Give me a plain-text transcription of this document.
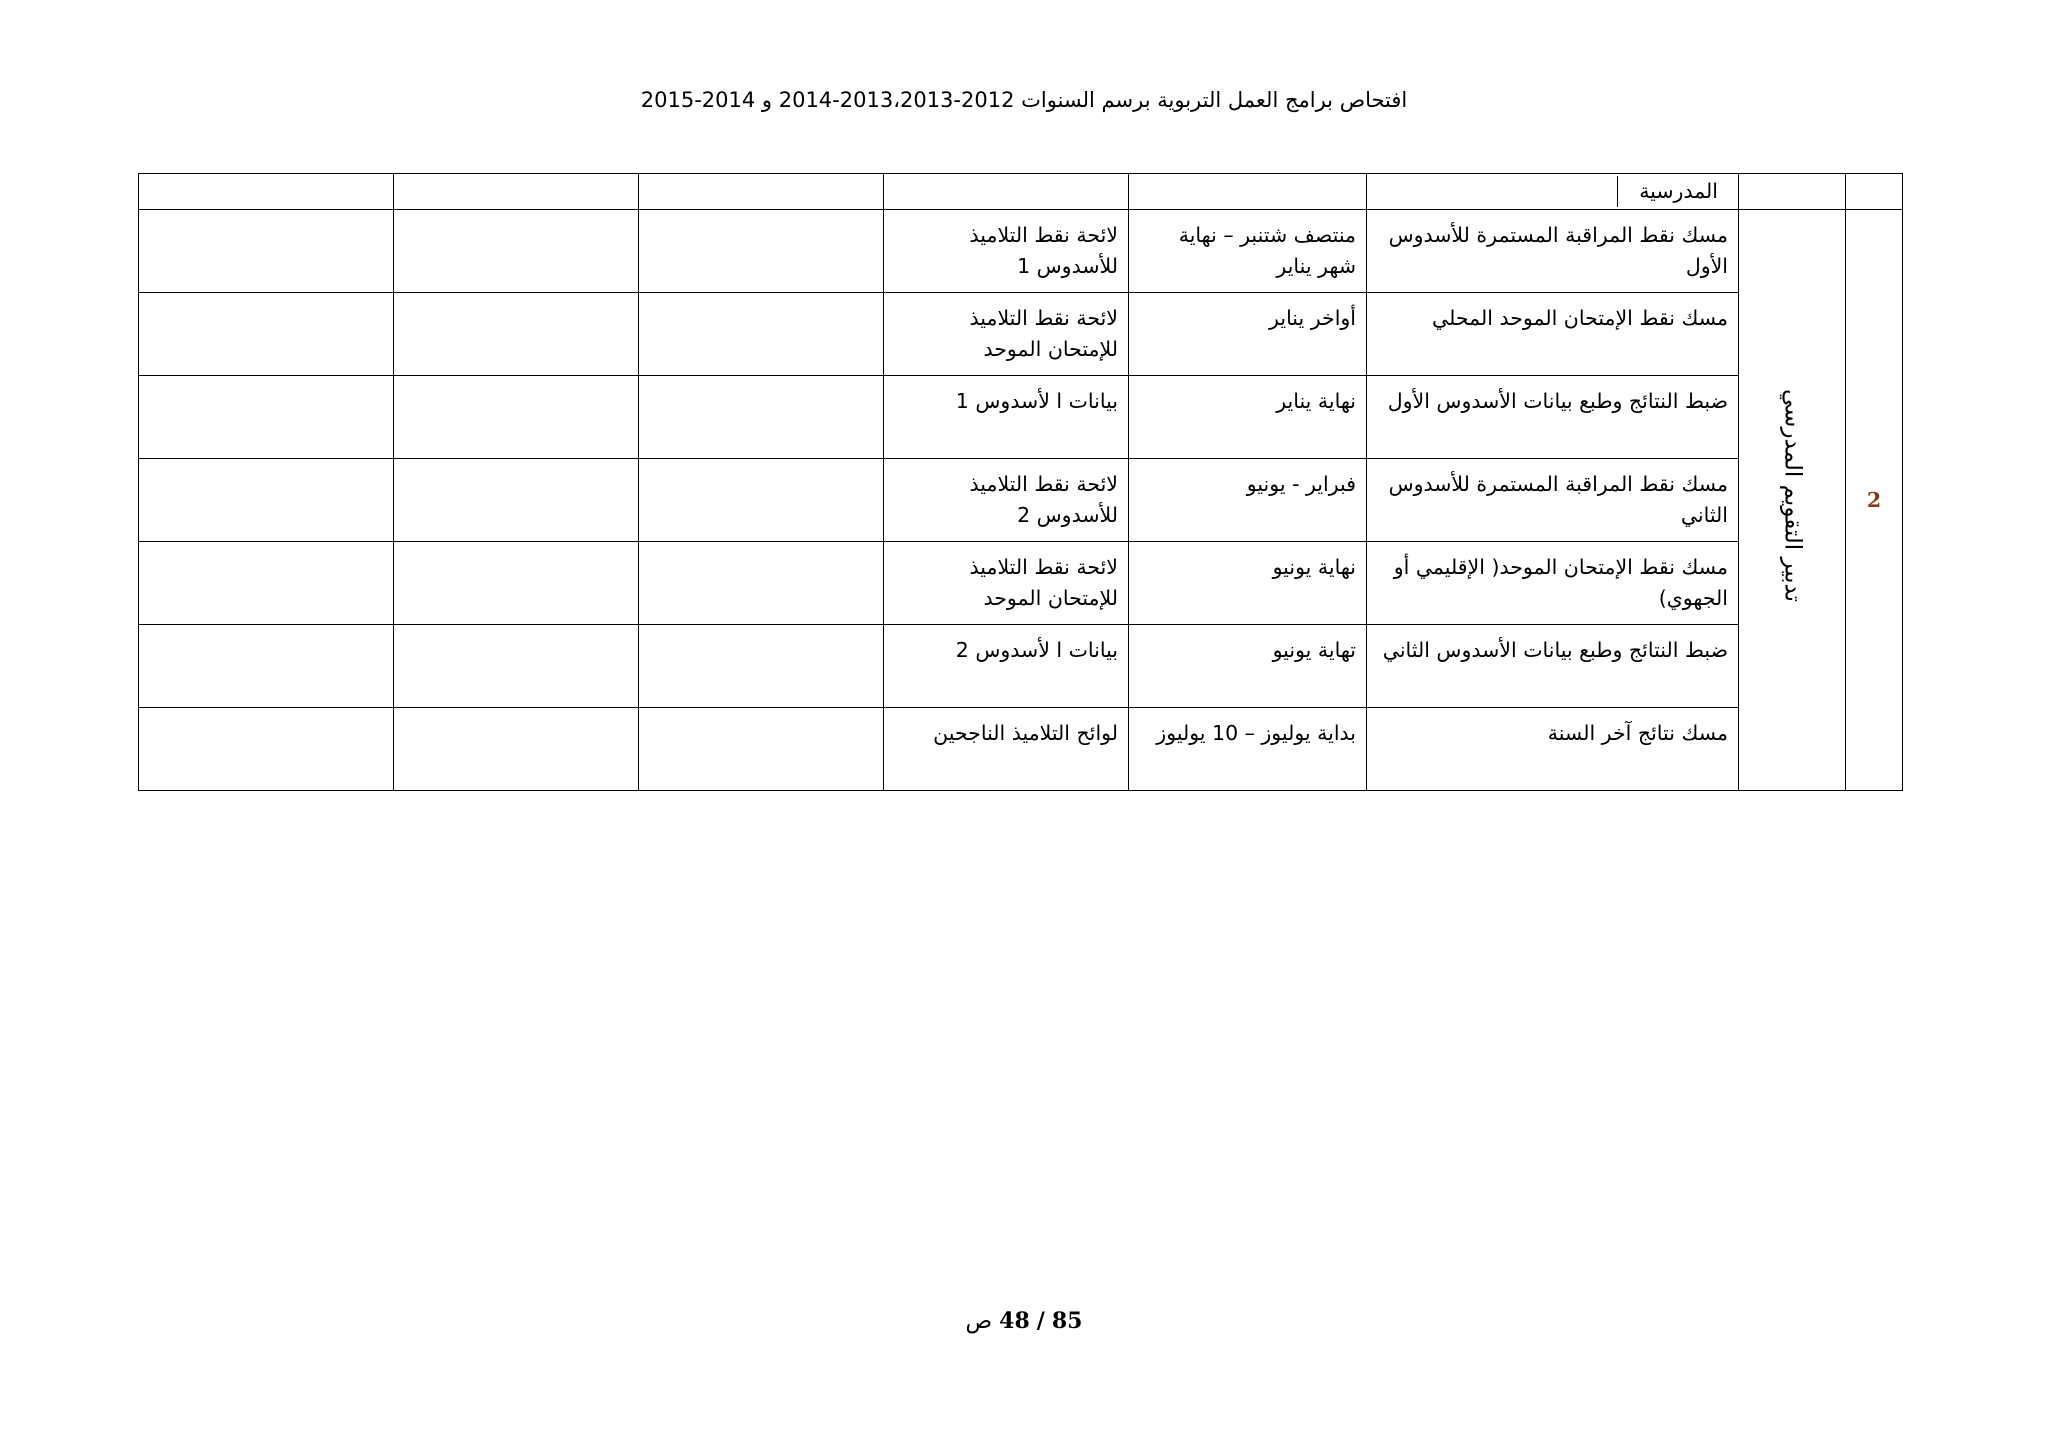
افتحاص برامج العمل التربوية برسم السنوات 2012-2013،2013-2014 و 2014-2015
		المدرسية					
2	تدبير التقويم المدرسي	مسك نقط المراقبة المستمرة للأسدوس الأول	منتصف شتنبر – نهاية شهر يناير	لائحة نقط التلاميذ للأسدوس 1			
		مسك نقط الإمتحان الموحد المحلي	أواخر يناير	لائحة نقط التلاميذ للإمتحان الموحد			
		ضبط النتائج وطبع بيانات الأسدوس الأول	نهاية يناير	بيانات ا لأسدوس 1			
		مسك نقط المراقبة المستمرة للأسدوس الثاني	فبراير - يونيو	لائحة نقط التلاميذ للأسدوس 2			
		مسك نقط الإمتحان الموحد( الإقليمي أو الجهوي)	نهاية يونيو	لائحة نقط التلاميذ للإمتحان الموحد			
		ضبط النتائج وطبع بيانات الأسدوس الثاني	تهاية يونيو	بيانات ا لأسدوس 2			
		مسك نتائج آخر السنة	بداية يوليوز – 10 يوليوز	لوائح التلاميذ الناجحين			
85 / 48 ص
